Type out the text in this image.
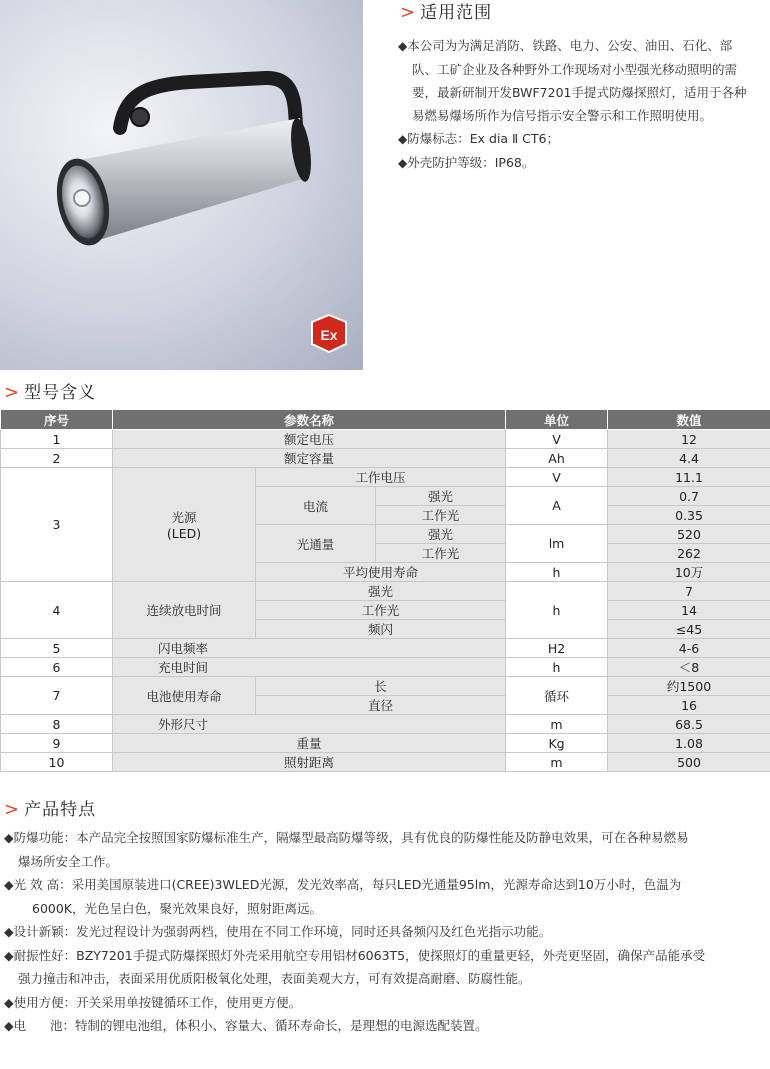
Ex
> 适用范围

◆本公司为为满足消防、铁路、电力、公安、油田、石化、部

队、工矿企业及各种野外工作现场对小型强光移动照明的需

要，最新研制开发BWF7201手提式防爆探照灯，适用于各种

易燃易爆场所作为信号指示安全警示和工作照明使用。

◆防爆标志：Ex dia Ⅱ CT6；

◆外壳防护等级：IP68。

> 型号含义
序号	参数名称			单位	数值
1	额定电压			V	12
2	额定容量			Ah	4.4
3	光源
(LED)	工作电压		V	11.1
		电流	强光	A	0.7
			工作光		0.35
		光通量	强光	lm	520
			工作光		262
		平均使用寿命		h	10万
4	连续放电时间	强光		h	7
		工作光			14
		频闪			≤45
5	闪电频率			H2	4-6
6	充电时间			h	＜8
7	电池使用寿命	长		循环	约1500
		直径			16
8	外形尺寸			m	68.5
9	重量			Kg	1.08
10	照射距离			m	500
> 产品特点

◆防爆功能：本产品完全按照国家防爆标准生产，隔爆型最高防爆等级，具有优良的防爆性能及防静电效果，可在各种易燃易

爆场所安全工作。

◆光 效 高：采用美国原装进口(CREE)3WLED光源，发光效率高，每只LED光通量95lm，光源寿命达到10万小时，色温为

6000K，光色呈白色，聚光效果良好，照射距离远。

◆设计新颖：发光过程设计为强弱两档，使用在不同工作环境，同时还具备频闪及红色光指示功能。

◆耐振性好：BZY7201手提式防爆探照灯外壳采用航空专用铝材6063T5，使探照灯的重量更轻，外壳更坚固，确保产品能承受

强力撞击和冲击，表面采用优质阳极氧化处理，表面美观大方，可有效提高耐磨、防腐性能。

◆使用方便：开关采用单按键循环工作，使用更方便。

◆电      池：特制的锂电池组，体积小、容量大、循环寿命长，是理想的电源选配装置。
